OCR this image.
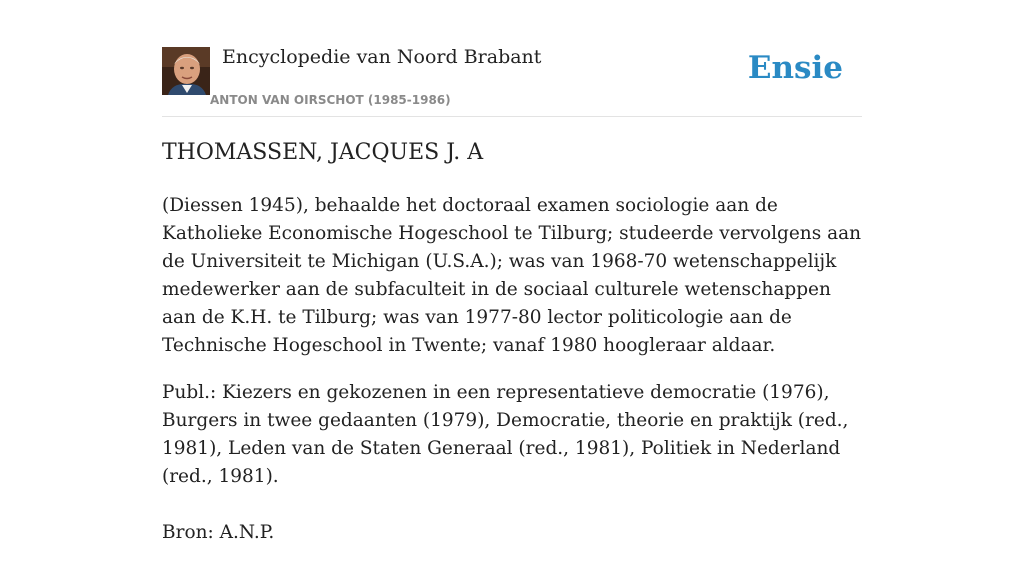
Encyclopedie van Noord Brabant
ANTON VAN OIRSCHOT (1985-1986)
Ensie
THOMASSEN, JACQUES J. A

(Diessen 1945), behaalde het doctoraal examen sociologie aan de Katholieke Economische Hogeschool te Tilburg; studeerde vervolgens aan de Universiteit te Michigan (U.S.A.); was van 1968-70 wetenschappelijk medewerker aan de subfaculteit in de sociaal culturele wetenschappen aan de K.H. te Tilburg; was van 1977-80 lector politicologie aan de Technische Hogeschool in Twente; vanaf 1980 hoogleraar aldaar.

Publ.: Kiezers en gekozenen in een representatieve democratie (1976), Burgers in twee gedaanten (1979), Democratie, theorie en praktijk (red., 1981), Leden van de Staten Generaal (red., 1981), Politiek in Nederland (red., 1981).

Bron: A.N.P.
